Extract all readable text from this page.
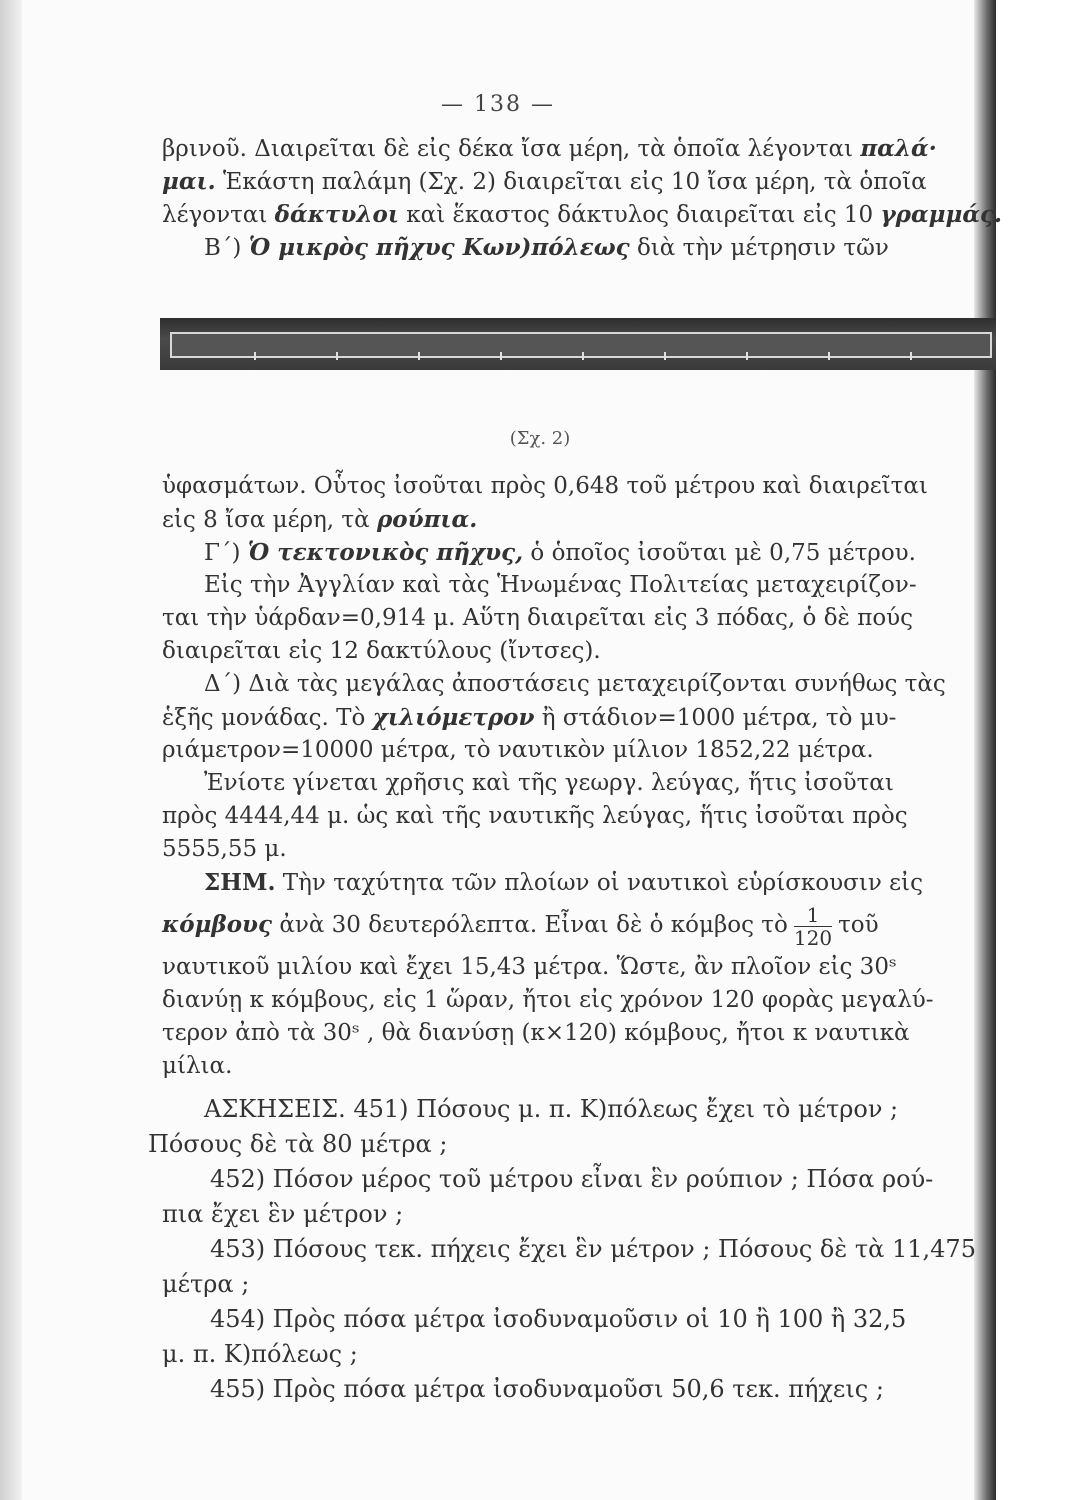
— 138 —
βρινοῦ. Διαιρεῖται δὲ εἰς δέκα ἴσα μέρη, τὰ ὁποῖα λέγονται παλά·
μαι. Ἑκάστη παλάμη (Σχ. 2) διαιρεῖται εἰς 10 ἴσα μέρη, τὰ ὁποῖα
λέγονται δάκτυλοι καὶ ἕκαστος δάκτυλος διαιρεῖται εἰς 10 γραμμάς.
Β΄) Ὁ μικρὸς πῆχυς Κων)πόλεως διὰ τὴν μέτρησιν τῶν
(Σχ. 2)
ὑφασμάτων. Οὗτος ἰσοῦται πρὸς 0,648 τοῦ μέτρου καὶ διαιρεῖται
εἰς 8 ἴσα μέρη, τὰ ρούπια.
Γ΄) Ὁ τεκτονικὸς πῆχυς, ὁ ὁποῖος ἰσοῦται μὲ 0,75 μέτρου.
Εἰς τὴν Ἀγγλίαν καὶ τὰς Ἡνωμένας Πολιτείας μεταχειρίζον-
ται τὴν ὑάρδαν=0,914 μ. Αὕτη διαιρεῖται εἰς 3 πόδας, ὁ δὲ πούς
διαιρεῖται εἰς 12 δακτύλους (ἴντσες).
Δ΄) Διὰ τὰς μεγάλας ἀποστάσεις μεταχειρίζονται συνήθως τὰς
ἑξῆς μονάδας. Τὸ χιλιόμετρον ἢ στάδιον=1000 μέτρα, τὸ μυ-
ριάμετρον=10000 μέτρα, τὸ ναυτικὸν μίλιον 1852,22 μέτρα.
Ἐνίοτε γίνεται χρῆσις καὶ τῆς γεωργ. λεύγας, ἥτις ἰσοῦται
πρὸς 4444,44 μ. ὡς καὶ τῆς ναυτικῆς λεύγας, ἥτις ἰσοῦται πρὸς
5555,55 μ.
ΣΗΜ. Τὴν ταχύτητα τῶν πλοίων οἱ ναυτικοὶ εὑρίσκουσιν εἰς
κόμβους ἀνὰ 30 δευτερόλεπτα. Εἶναι δὲ ὁ κόμβος τὸ $\frac{1}{120}$ τοῦ
ναυτικοῦ μιλίου καὶ ἔχει 15,43 μέτρα. Ὥστε, ἂν πλοῖον εἰς 30ˢ
διανύῃ κ κόμβους, εἰς 1 ὥραν, ἤτοι εἰς χρόνον 120 φορὰς μεγαλύ-
τερον ἀπὸ τὰ 30ˢ , θὰ διανύσῃ (κ×120) κόμβους, ἤτοι κ ναυτικὰ
μίλια.
ΑΣΚΗΣΕΙΣ. 451) Πόσους μ. π. Κ)πόλεως ἔχει τὸ μέτρον ;
Πόσους δὲ τὰ 80 μέτρα ;
452) Πόσον μέρος τοῦ μέτρου εἶναι ἓν ρούπιον ; Πόσα ρού-
πια ἔχει ἓν μέτρον ;
453) Πόσους τεκ. πήχεις ἔχει ἓν μέτρον ; Πόσους δὲ τὰ 11,475
μέτρα ;
454) Πρὸς πόσα μέτρα ἰσοδυναμοῦσιν οἱ 10 ἢ 100 ἢ 32,5
μ. π. Κ)πόλεως ;
455) Πρὸς πόσα μέτρα ἰσοδυναμοῦσι 50,6 τεκ. πήχεις ;
